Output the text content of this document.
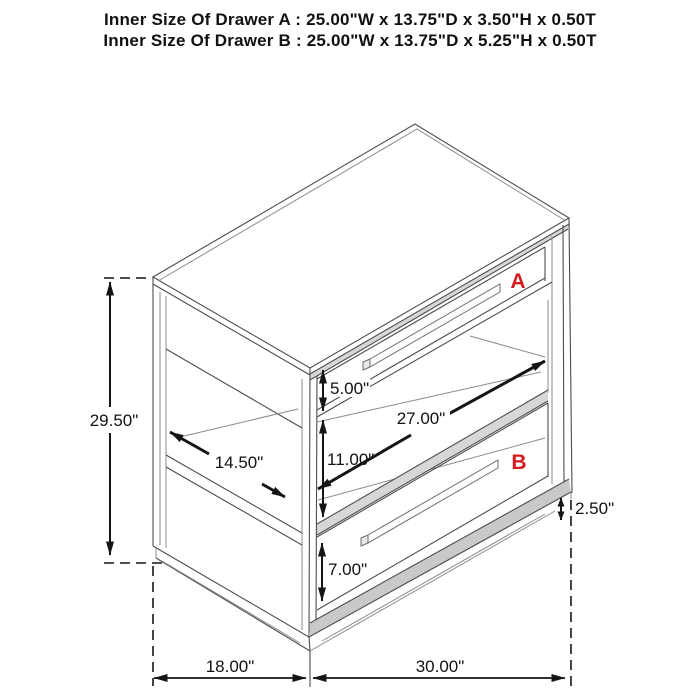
Inner Size Of Drawer A : 25.00"W x 13.75"D x 3.50"H x 0.50T
Inner Size Of Drawer B : 25.00"W x 13.75"D x 5.25"H x 0.50T
A
B
29.50"
14.50"
5.00"
11.00"
27.00"
7.00"
2.50"
18.00"	30.00"
